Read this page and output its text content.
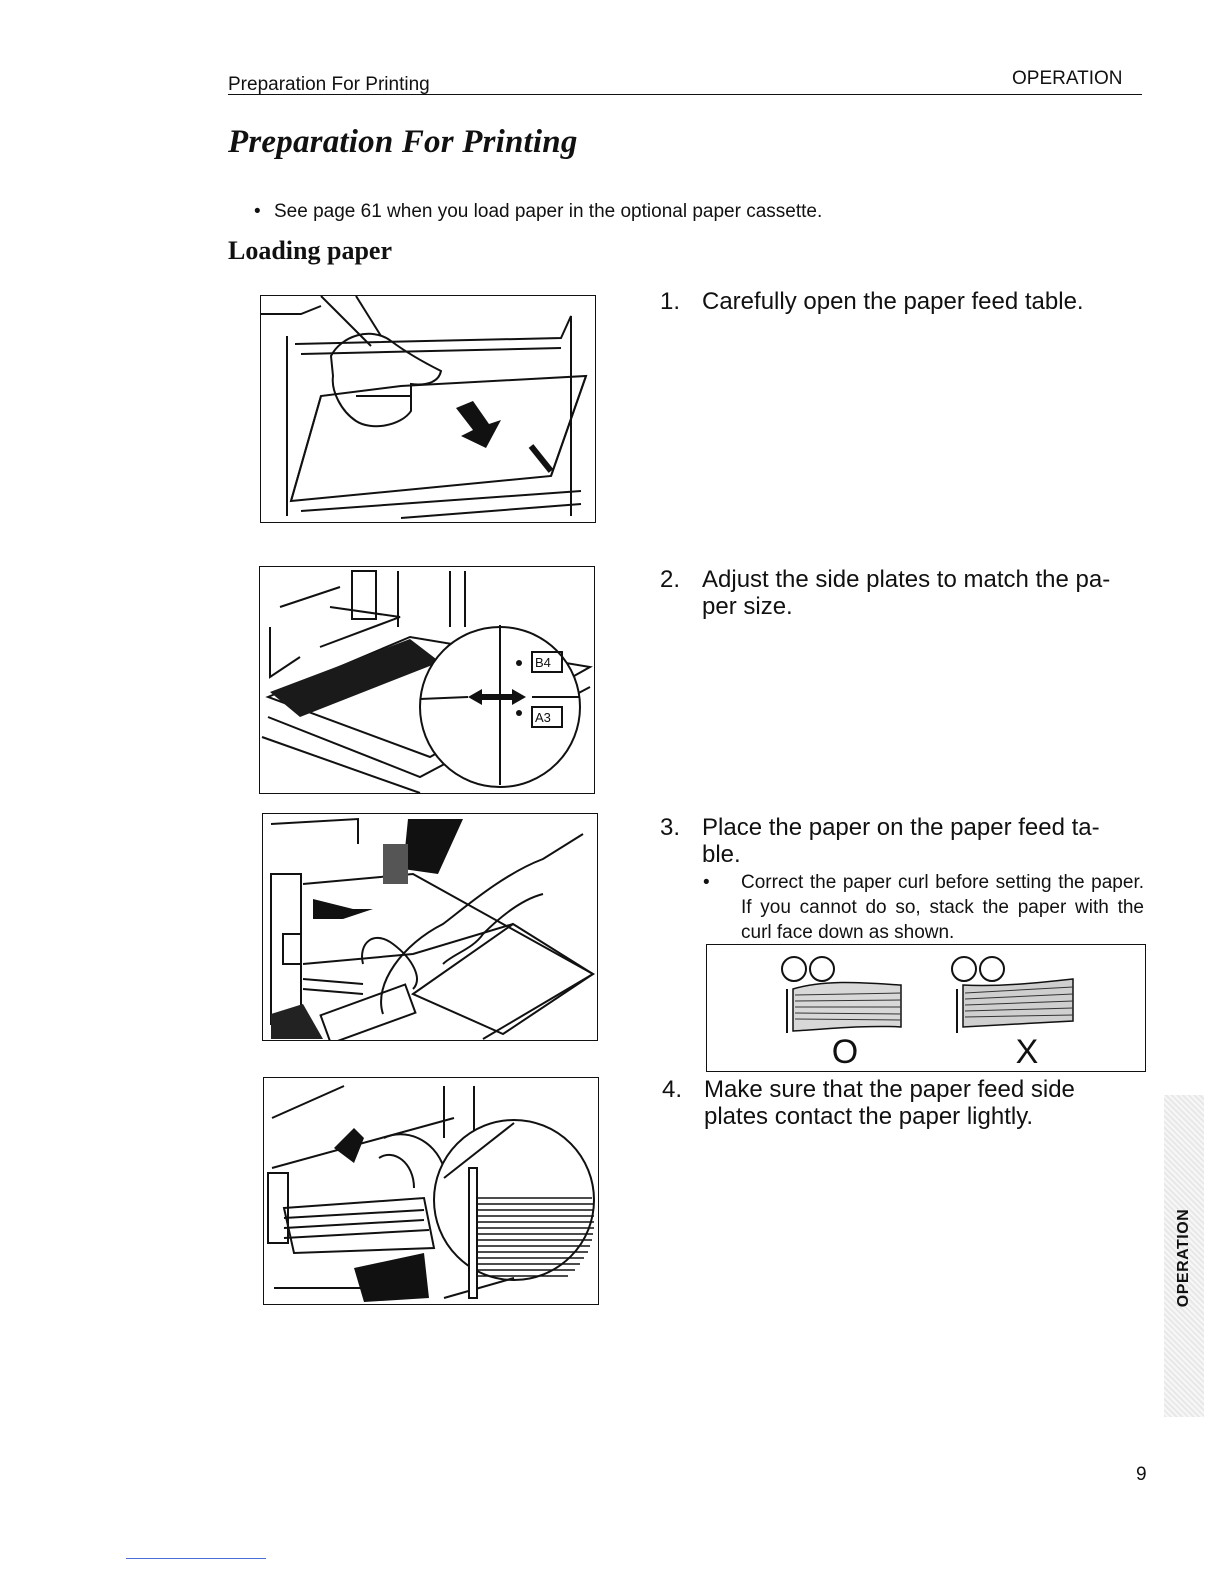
Preparation For Printing	OPERATION
Preparation For Printing
• See page 61 when you load paper in the optional paper cassette.
Loading paper
B4
A3
1. Carefully open the paper feed table.

2. Adjust the side plates to match the pa-
per size.

3. Place the paper on the paper feed ta-
ble.

• Correct the paper curl before setting the paper. If you cannot do so, stack the paper with the curl face down as shown.
O	X

4. Make sure that the paper feed side
plates contact the paper lightly.

OPERATION
9
